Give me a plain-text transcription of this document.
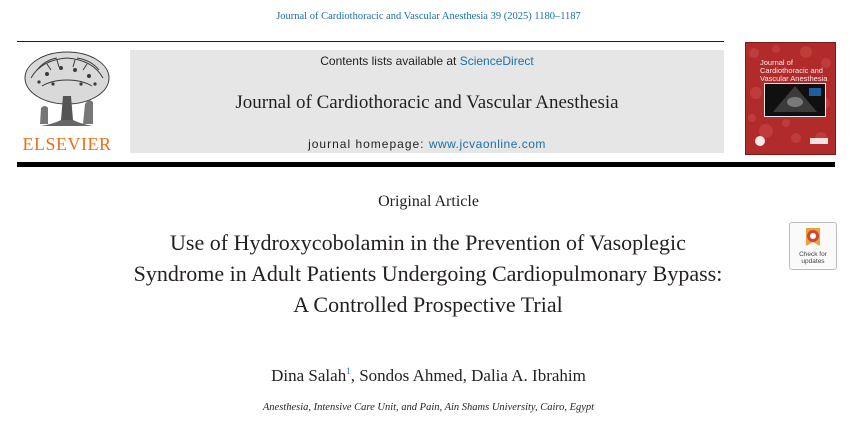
Journal of Cardiothoracic and Vascular Anesthesia 39 (2025) 1180–1187
ELSEVIER
Contents lists available at ScienceDirect
Journal of Cardiothoracic and Vascular Anesthesia
journal homepage: www.jcvaonline.com
Journal of Cardiothoracic and Vascular Anesthesia
Original Article
Use of Hydroxycobolamin in the Prevention of Vasoplegic Syndrome in Adult Patients Undergoing Cardiopulmonary Bypass: A Controlled Prospective Trial
Check for updates
Dina Salah$^1$, Sondos Ahmed, Dalia A. Ibrahim
Anesthesia, Intensive Care Unit, and Pain, Ain Shams University, Cairo, Egypt
